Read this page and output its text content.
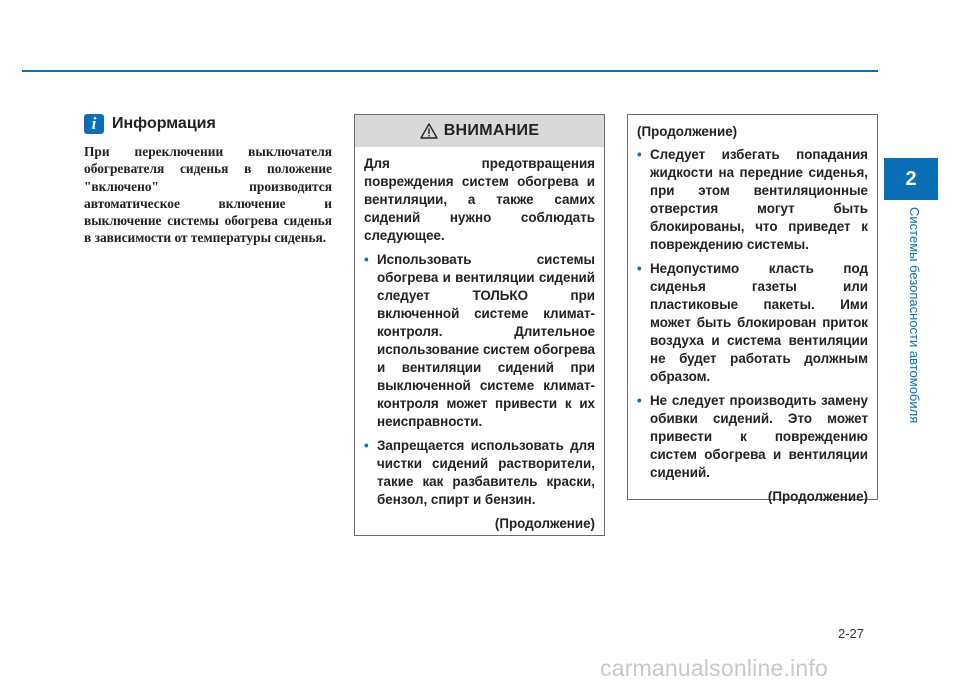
i Информация
При переключении выключателя обогревателя сиденья в положение "включено" производится автоматическое включение и выключение системы обогрева сиденья в зависимости от температуры сиденья.
ВНИМАНИЕ
Для предотвращения повреждения систем обогрева и вентиляции, а также самих сидений нужно соблюдать следующее.
• Использовать системы обогрева и вентиляции сидений следует ТОЛЬКО при включенной системе климат-контроля. Длительное использование систем обогрева и вентиляции сидений при выключенной системе климат-контроля может привести к их неисправности.
• Запрещается использовать для чистки сидений растворители, такие как разбавитель краски, бензол, спирт и бензин.
(Продолжение)
(Продолжение)
• Следует избегать попадания жидкости на передние сиденья, при этом вентиляционные отверстия могут быть блокированы, что приведет к повреждению системы.
• Недопустимо класть под сиденья газеты или пластиковые пакеты. Ими может быть блокирован приток воздуха и система вентиляции не будет работать должным образом.
• Не следует производить замену обивки сидений. Это может привести к повреждению систем обогрева и вентиляции сидений.
(Продолжение)
2
Системы безопасности автомобиля
2-27
carmanualsonline.info
